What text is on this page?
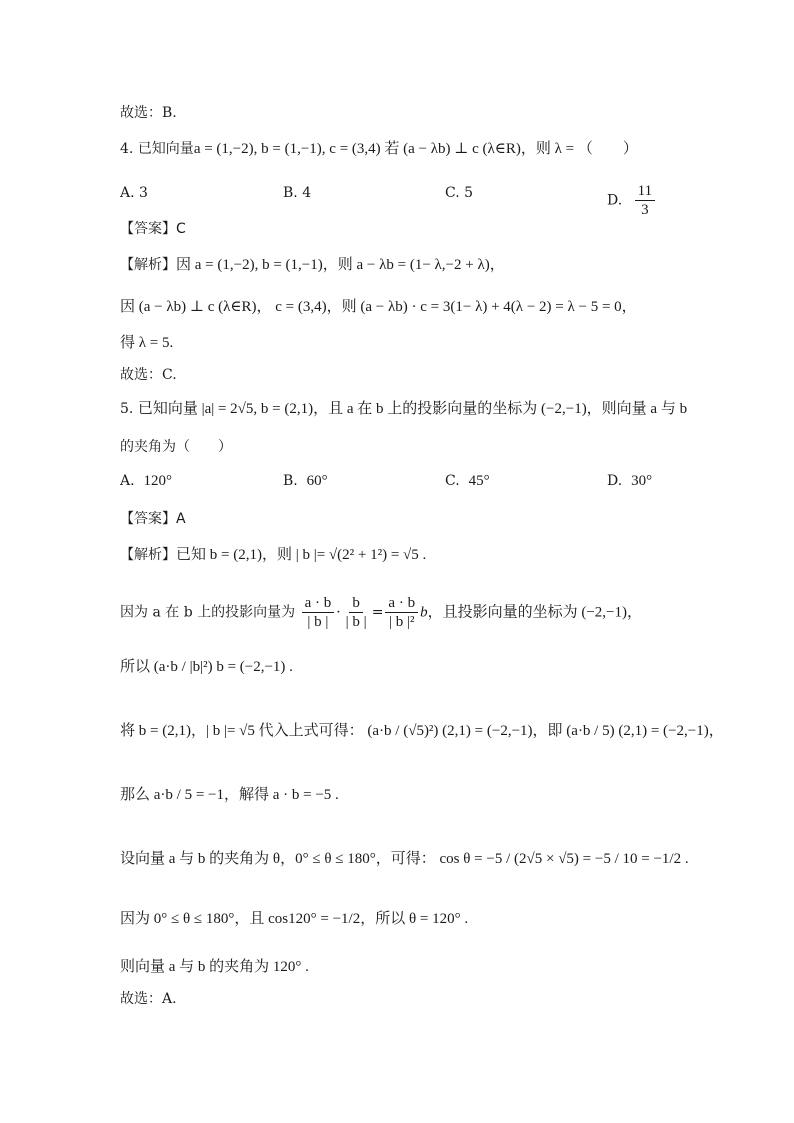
故选：B.
4. 已知向量a = (1,−2), b = (1,−1), c = (3,4) 若 (a − λb) ⊥ c (λ∈R)，则 λ = （　　）
A. 3	B. 4	C. 5	D. $\frac{11}{3}$
【答案】C
【解析】因 a = (1,−2), b = (1,−1)，则 a − λb = (1− λ,−2 + λ)，
因 (a − λb) ⊥ c (λ∈R)， c = (3,4)，则 (a − λb) · c = 3(1− λ) + 4(λ − 2) = λ − 5 = 0，
得 λ = 5.
故选：C.
5. 已知向量 |a| = 2√5, b = (2,1)，且 a 在 b 上的投影向量的坐标为 (−2,−1)，则向量 a 与 b
的夹角为（　　）
A. 120°	B. 60°	C. 45°	D. 30°
【答案】A
【解析】已知 b = (2,1)，则 | b |= √(2² + 1²) = √5 .
因为 a 在 b 上的投影向量为 $\frac{a \cdot b}{| b |} \cdot \frac{b}{| b |} = \frac{a \cdot b}{\text{| b |²}}$ b，且投影向量的坐标为 (−2,−1)，
所以 (a·b / |b|²) b = (−2,−1) .
将 b = (2,1)，| b |= √5 代入上式可得： (a·b / (√5)²) (2,1) = (−2,−1)，即 (a·b / 5) (2,1) = (−2,−1)，
那么 a·b / 5 = −1，解得 a · b = −5 .
设向量 a 与 b 的夹角为 θ，0° ≤ θ ≤ 180°，可得： cos θ = −5 / (2√5 × √5) = −5 / 10 = −1/2 .
因为 0° ≤ θ ≤ 180°，且 cos120° = −1/2，所以 θ = 120° .
则向量 a 与 b 的夹角为 120° .
故选：A.
